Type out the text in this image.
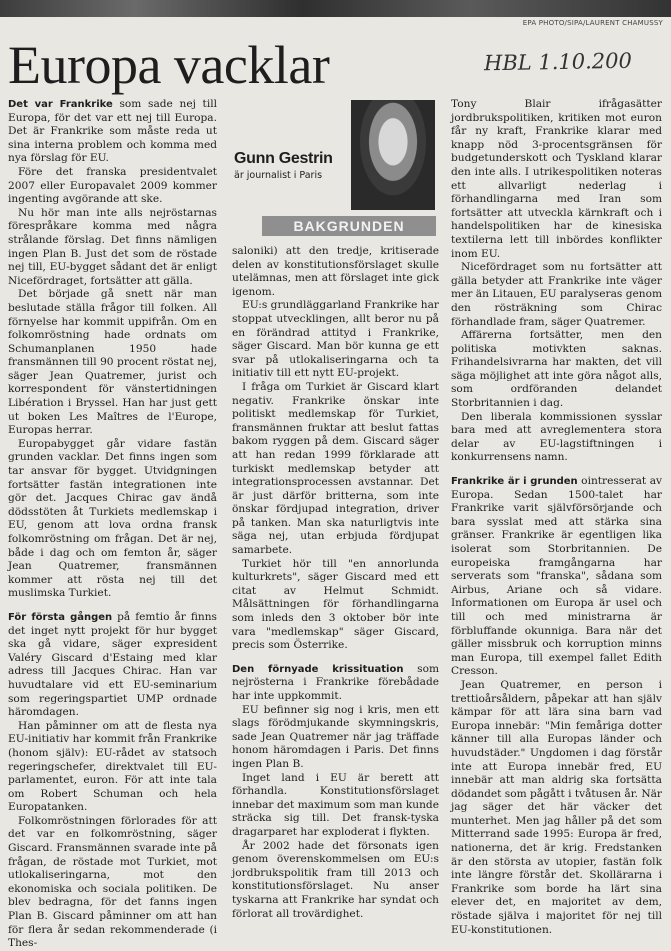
EPA PHOTO/SIPA/LAURENT CHAMUSSY
Europa vacklar	HBL 1.10.200

Det var Frankrike som sade nej till Europa, för det var ett nej till Europa. Det är Frankrike som måste reda ut sina interna problem och komma med nya förslag för EU.

Före det franska presidentvalet 2007 eller Europavalet 2009 kommer ingenting avgörande att ske.

Nu hör man inte alls nejröstarnas förespråkare komma med några strålande förslag. Det finns nämligen ingen Plan B. Just det som de röstade nej till, EU-bygget sådant det är enligt Nicefördraget, fortsätter att gälla.

Det började gå snett när man beslutade ställa frågor till folken. All förnyelse har kommit uppifrån. Om en folkomröstning hade ordnats om Schumanplanen 1950 hade fransmännen till 90 procent röstat nej, säger Jean Quatremer, jurist och korrespondent för vänstertidningen Libération i Bryssel. Han har just gett ut boken Les Maîtres de l'Europe, Europas herrar.

Europabygget går vidare fastän grunden vacklar. Det finns ingen som tar ansvar för bygget. Utvidgningen fortsätter fastän integrationen inte gör det. Jacques Chirac gav ändå dödsstöten åt Turkiets medlemskap i EU, genom att lova ordna fransk folkomröstning om frågan. Det är nej, både i dag och om femton år, säger Jean Quatremer, fransmännen kommer att rösta nej till det muslimska Turkiet.

För första gången på femtio år finns det inget nytt projekt för hur bygget ska gå vidare, säger expresident Valéry Giscard d'Estaing med klar adress till Jacques Chirac. Han var huvudtalare vid ett EU-seminarium som regeringspartiet UMP ordnade häromdagen.

Han påminner om att de flesta nya EU-initiativ har kommit från Frankrike (honom själv): EU-rådet av statsoch regeringschefer, direktvalet till EU-parlamentet, euron. För att inte tala om Robert Schuman och hela Europatanken.

Folkomröstningen förlorades för att det var en folkomröstning, säger Giscard. Fransmännen svarade inte på frågan, de röstade mot Turkiet, mot utlokaliseringarna, mot den ekonomiska och sociala politiken. De blev bedragna, för det fanns ingen Plan B. Giscard påminner om att han för flera år sedan rekommenderade (i Thes-

Gunn Gestrin
är journalist i Paris
BAKGRUNDEN

saloniki) att den tredje, kritiserade delen av konstitutionsförslaget skulle utelämnas, men att förslaget inte gick igenom.

EU:s grundläggarland Frankrike har stoppat utvecklingen, allt beror nu på en förändrad attityd i Frankrike, säger Giscard. Man bör kunna ge ett svar på utlokaliseringarna och ta initiativ till ett nytt EU-projekt.

I fråga om Turkiet är Giscard klart negativ. Frankrike önskar inte politiskt medlemskap för Turkiet, fransmännen fruktar att beslut fattas bakom ryggen på dem. Giscard säger att han redan 1999 förklarade att turkiskt medlemskap betyder att integrationsprocessen avstannar. Det är just därför britterna, som inte önskar fördjupad integration, driver på tanken. Man ska naturligtvis inte säga nej, utan erbjuda fördjupat samarbete.

Turkiet hör till "en annorlunda kulturkrets", säger Giscard med ett citat av Helmut Schmidt. Målsättningen för förhandlingarna som inleds den 3 oktober bör inte vara "medlemskap" säger Giscard, precis som Österrike.

Den förnyade krissituation som nejrösterna i Frankrike förebådade har inte uppkommit.

EU befinner sig nog i kris, men ett slags förödmjukande skymningskris, sade Jean Quatremer när jag träffade honom häromdagen i Paris. Det finns ingen Plan B.

Inget land i EU är berett att förhandla. Konstitutionsförslaget innebar det maximum som man kunde sträcka sig till. Det fransk-tyska dragarparet har exploderat i flykten.

År 2002 hade det försonats igen genom överenskommelsen om EU:s jordbrukspolitik fram till 2013 och konstitutionsförslaget. Nu anser tyskarna att Frankrike har syndat och förlorat all trovärdighet.

Tony Blair ifrågasätter jordbrukspolitiken, kritiken mot euron får ny kraft, Frankrike klarar med knapp nöd 3-procentsgränsen för budgetunderskott och Tyskland klarar den inte alls. I utrikespolitiken noteras ett allvarligt nederlag i förhandlingarna med Iran som fortsätter att utveckla kärnkraft och i handelspolitiken har de kinesiska textilerna lett till inbördes konflikter inom EU.

Nicefördraget som nu fortsätter att gälla betyder att Frankrike inte väger mer än Litauen, EU paralyseras genom den rösträkning som Chirac förhandlade fram, säger Quatremer.

Affärerna fortsätter, men den politiska motivkten saknas. Frihandelsivrarna har makten, det vill säga möjlighet att inte göra något alls, som ordföranden delandet Storbritannien i dag.

Den liberala kommissionen sysslar bara med att avreglementera stora delar av EU-lagstiftningen i konkurrensens namn.

Frankrike är i grunden ointresserat av Europa. Sedan 1500-talet har Frankrike varit självförsörjande och bara sysslat med att stärka sina gränser. Frankrike är egentligen lika isolerat som Storbritannien. De europeiska framgångarna har serverats som "franska", sådana som Airbus, Ariane och så vidare. Informationen om Europa är usel och till och med ministrarna är förbluffande okunniga. Bara när det gäller missbruk och korruption minns man Europa, till exempel fallet Edith Cresson.

Jean Quatremer, en person i trettioårsåldern, påpekar att han själv kämpar för att lära sina barn vad Europa innebär: "Min femåriga dotter känner till alla Europas länder och huvudstäder." Ungdomen i dag förstår inte att Europa innebär fred, EU innebär att man aldrig ska fortsätta dödandet som pågått i tvåtusen år. När jag säger det här väcker det munterhet. Men jag håller på det som Mitterrand sade 1995: Europa är fred, nationerna, det är krig. Fredstanken är den största av utopier, fastän folk inte längre förstår det. Skollärarna i Frankrike som borde ha lärt sina elever det, en majoritet av dem, röstade själva i majoritet för nej till EU-konstitutionen.
